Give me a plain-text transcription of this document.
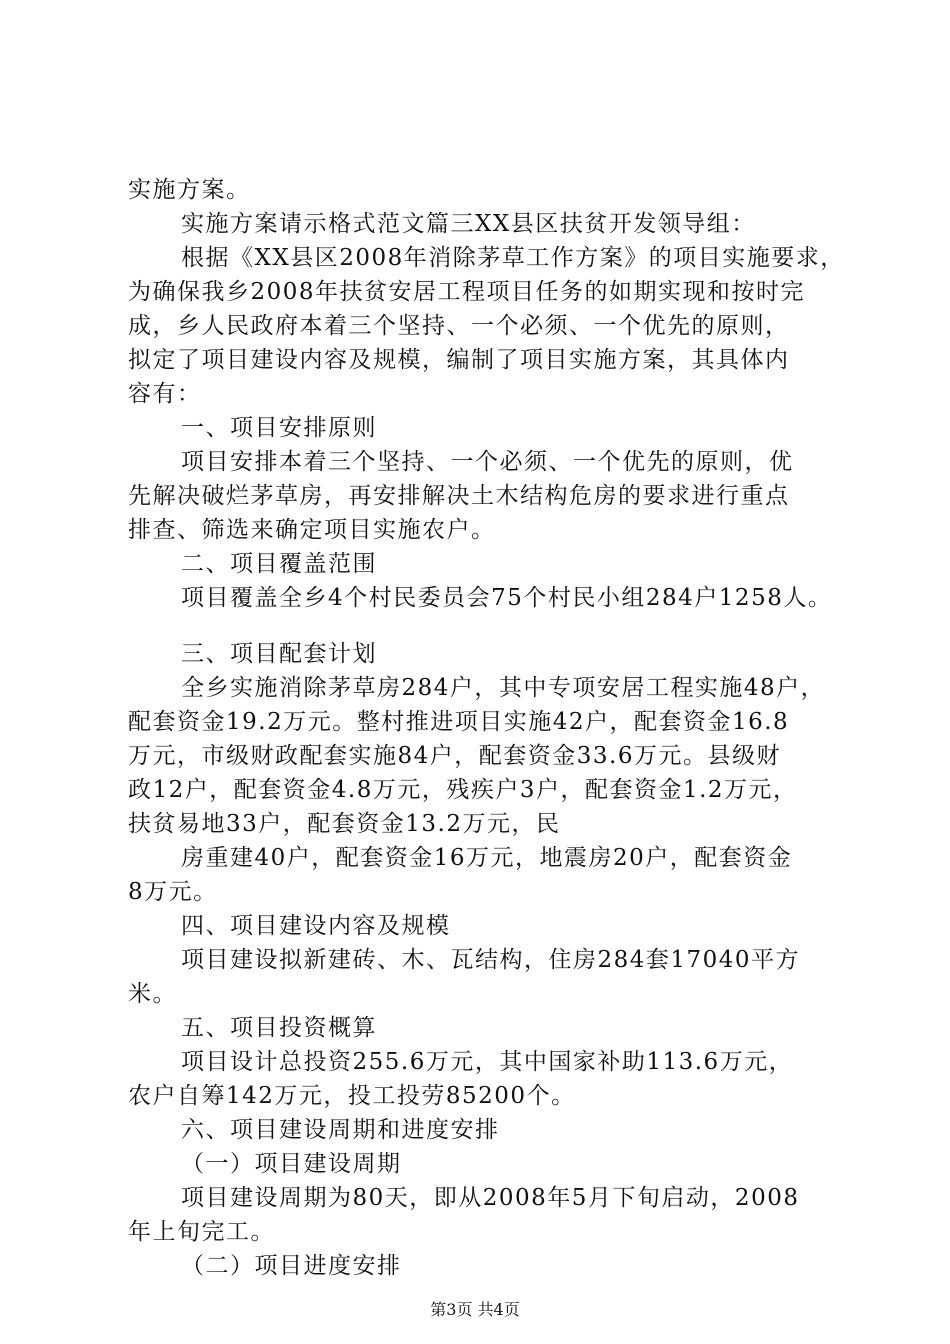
实施方案。
实施方案请示格式范文篇三XX县区扶贫开发领导组：
根据《XX县区2008年消除茅草工作方案》的项目实施要求，
为确保我乡2008年扶贫安居工程项目任务的如期实现和按时完
成，乡人民政府本着三个坚持、一个必须、一个优先的原则，
拟定了项目建设内容及规模，编制了项目实施方案，其具体内
容有：
一、项目安排原则
项目安排本着三个坚持、一个必须、一个优先的原则，优
先解决破烂茅草房，再安排解决土木结构危房的要求进行重点
排查、筛选来确定项目实施农户。
二、项目覆盖范围
项目覆盖全乡4个村民委员会75个村民小组284户1258人。
三、项目配套计划
全乡实施消除茅草房284户，其中专项安居工程实施48户，
配套资金19.2万元。整村推进项目实施42户，配套资金16.8
万元，市级财政配套实施84户，配套资金33.6万元。县级财
政12户，配套资金4.8万元，残疾户3户，配套资金1.2万元，
扶贫易地33户，配套资金13.2万元，民
房重建40户，配套资金16万元，地震房20户，配套资金
8万元。
四、项目建设内容及规模
项目建设拟新建砖、木、瓦结构，住房284套17040平方
米。
五、项目投资概算
项目设计总投资255.6万元，其中国家补助113.6万元，
农户自筹142万元，投工投劳85200个。
六、项目建设周期和进度安排
（一）项目建设周期
项目建设周期为80天，即从2008年5月下旬启动，2008
年上旬完工。
（二）项目进度安排
第3页 共4页
